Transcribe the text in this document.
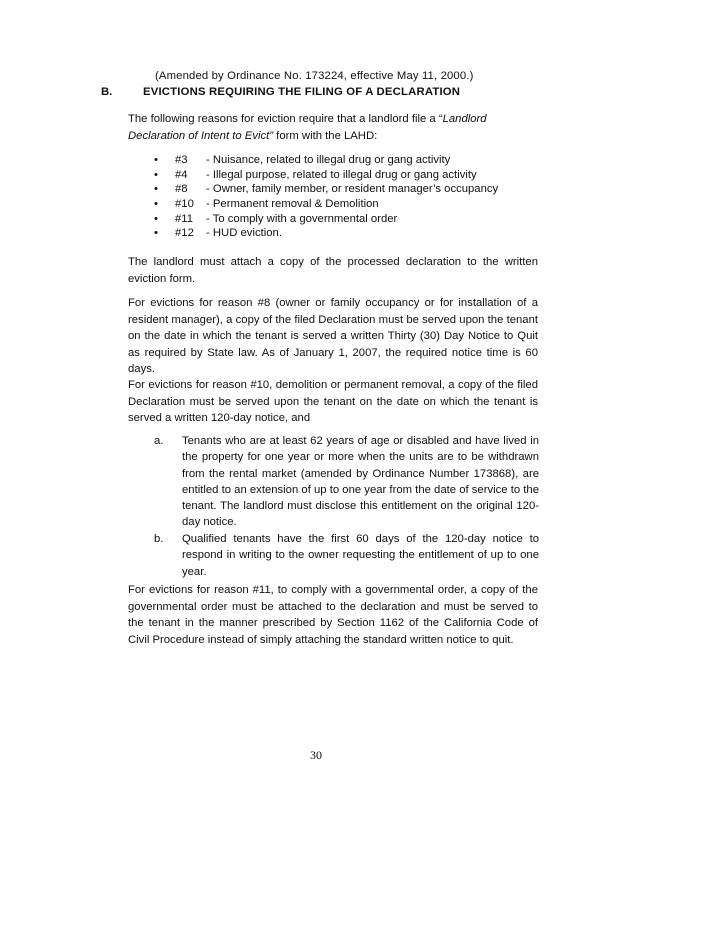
(Amended by Ordinance No. 173224, effective May 11, 2000.)
B.	EVICTIONS REQUIRING THE FILING OF A DECLARATION
The following reasons for eviction require that a landlord file a “Landlord Declaration of Intent to Evict” form with the LAHD:
• #3 - Nuisance, related to illegal drug or gang activity
• #4 - Illegal purpose, related to illegal drug or gang activity
• #8 - Owner, family member, or resident manager’s occupancy
• #10 - Permanent removal & Demolition
• #11 - To comply with a governmental order
• #12 - HUD eviction.
The landlord must attach a copy of the processed declaration to the written eviction form.
For evictions for reason #8 (owner or family occupancy or for installation of a resident manager), a copy of the filed Declaration must be served upon the tenant on the date in which the tenant is served a written Thirty (30) Day Notice to Quit as required by State law. As of January 1, 2007, the required notice time is 60 days.
For evictions for reason #10, demolition or permanent removal, a copy of the filed Declaration must be served upon the tenant on the date on which the tenant is served a written 120-day notice, and
a. Tenants who are at least 62 years of age or disabled and have lived in the property for one year or more when the units are to be withdrawn from the rental market (amended by Ordinance Number 173868), are entitled to an extension of up to one year from the date of service to the tenant. The landlord must disclose this entitlement on the original 120-day notice.
b. Qualified tenants have the first 60 days of the 120-day notice to respond in writing to the owner requesting the entitlement of up to one year.
For evictions for reason #11, to comply with a governmental order, a copy of the governmental order must be attached to the declaration and must be served to the tenant in the manner prescribed by Section 1162 of the California Code of Civil Procedure instead of simply attaching the standard written notice to quit.
30
